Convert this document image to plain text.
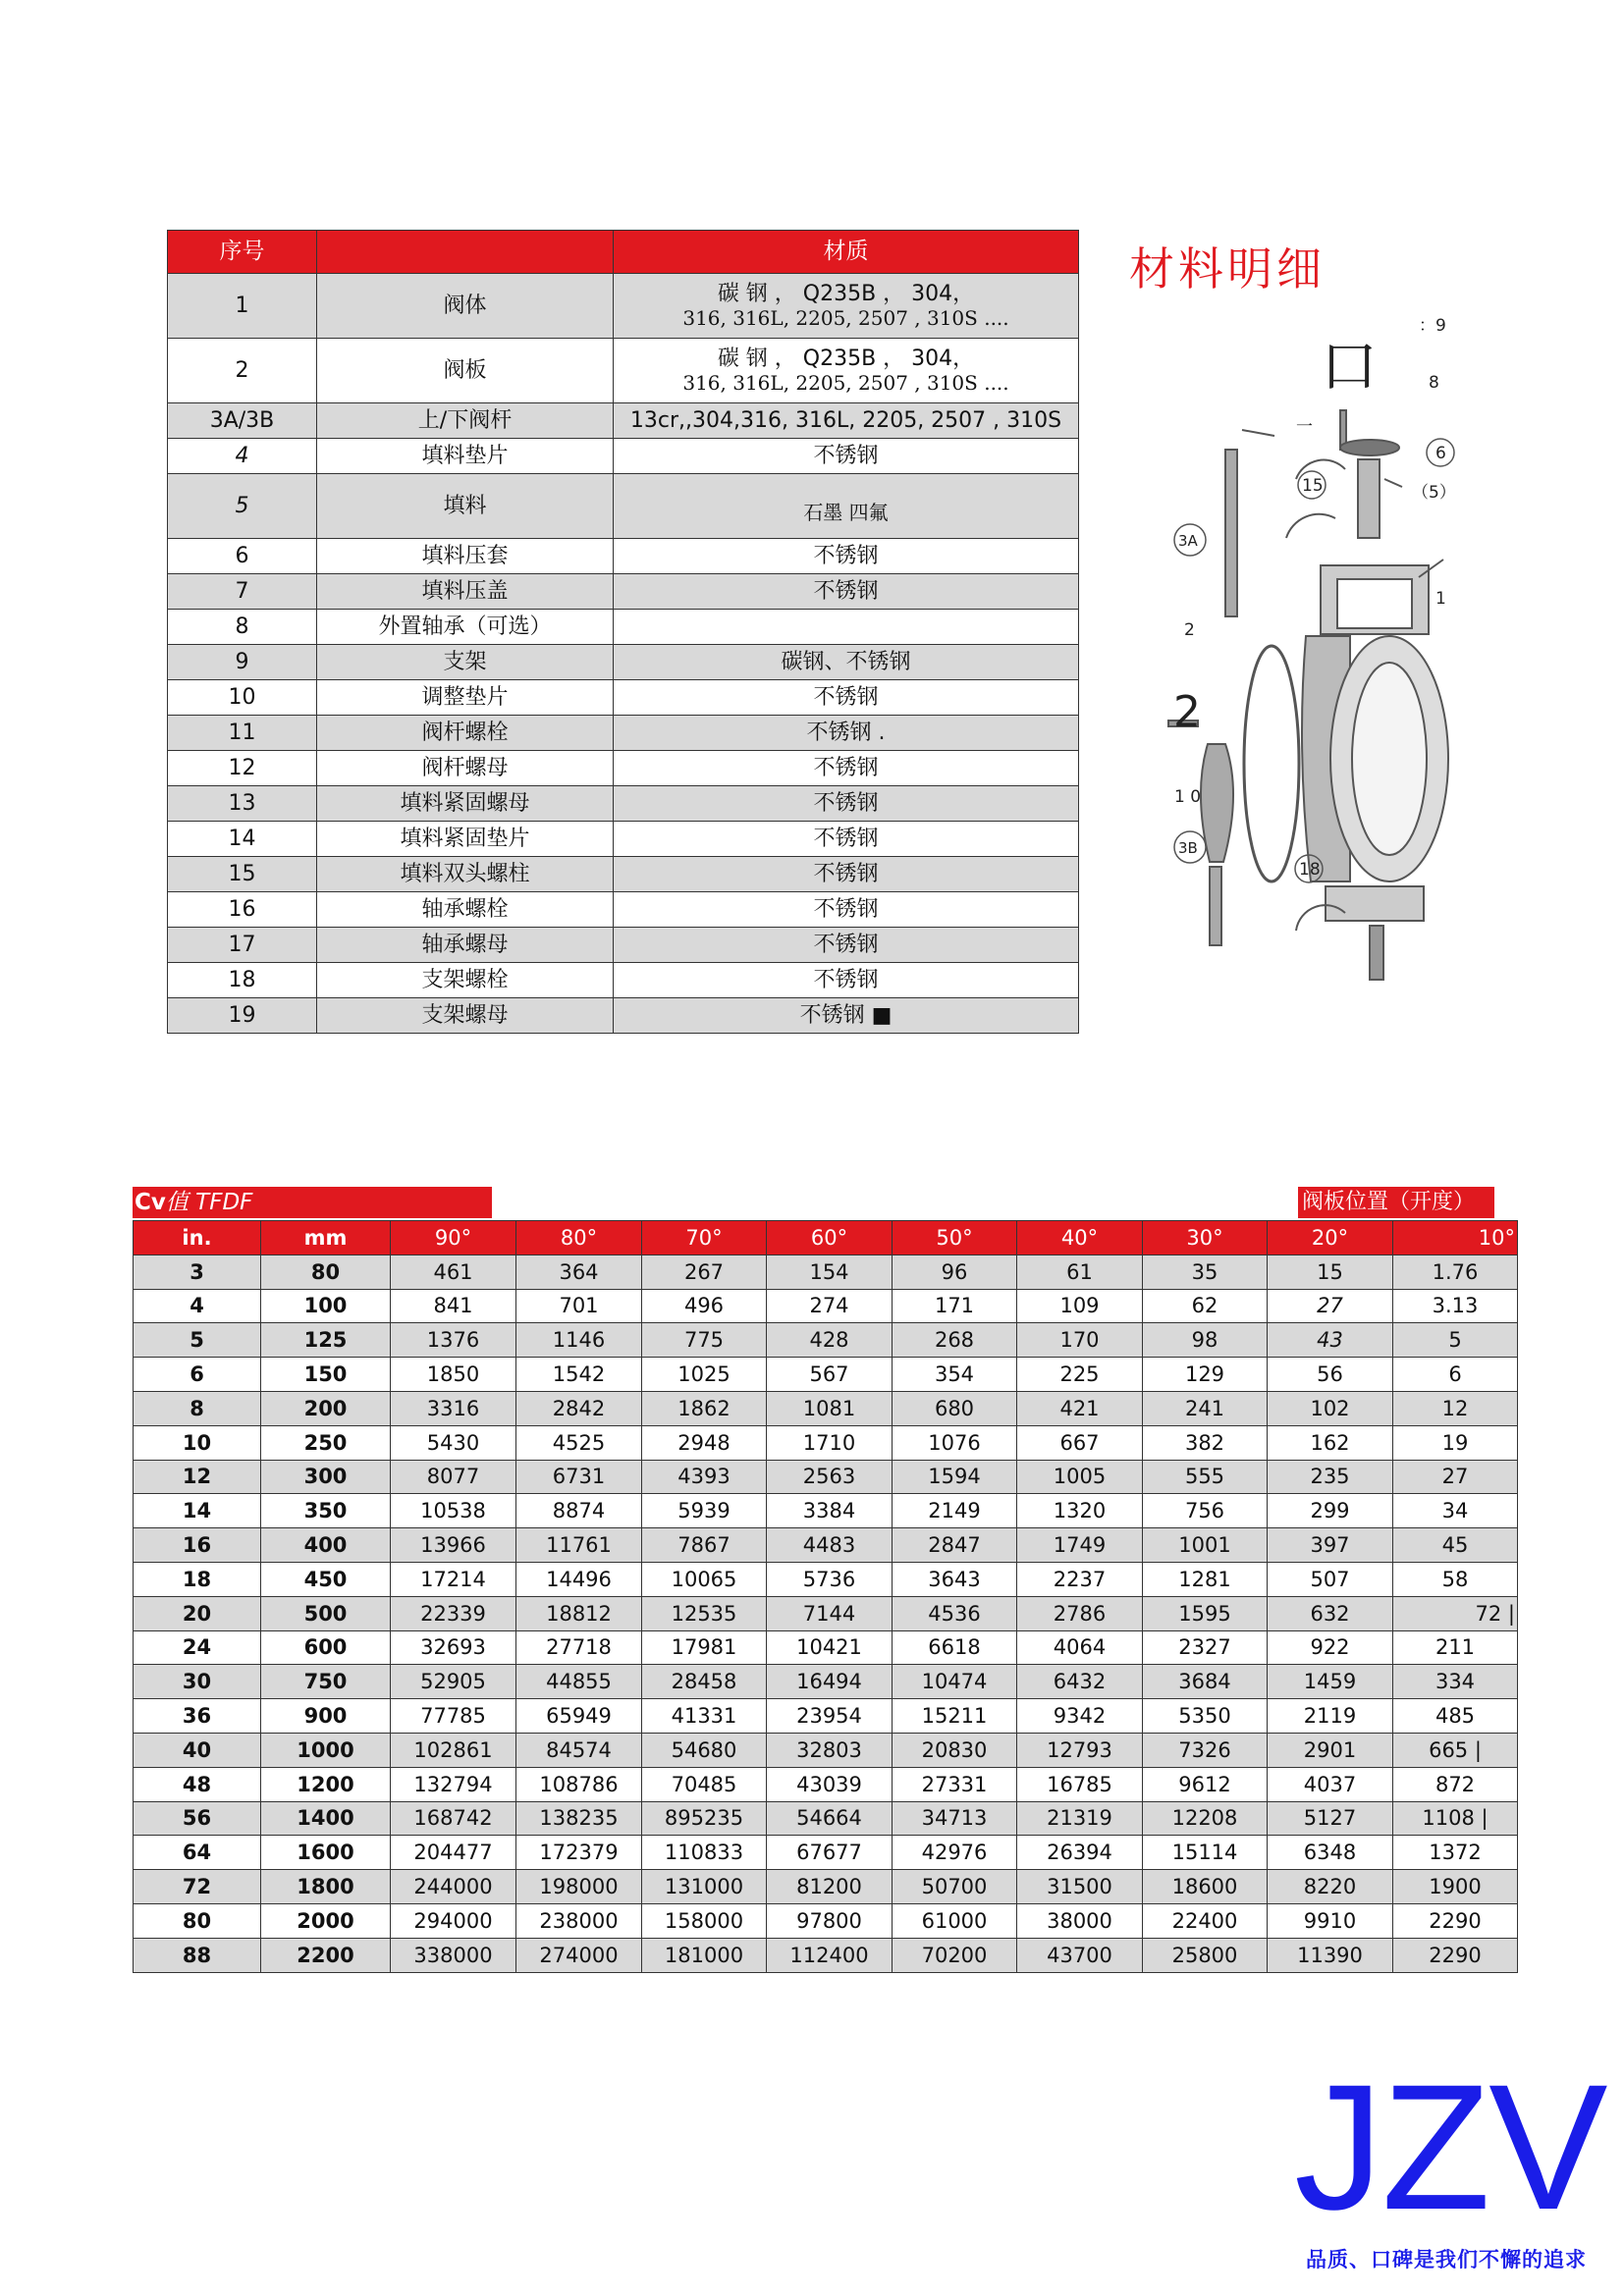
序号		材质
1	阀体	碳 钢 ， Q235B ， 304，
316, 316L, 2205, 2507 , 310S ....

2	阀板	碳 钢 ， Q235B ， 304，
316, 316L, 2205, 2507 , 310S ....

3A/3B	上/下阀杆	13cr,,304,316, 316L, 2205, 2507 , 310S

4	填料垫片	不锈钢

5	填料	石墨 四氟

6	填料压套	不锈钢

7	填料压盖	不锈钢

8	外置轴承（可选）	

9	支架	碳钢、不锈钢

10	调整垫片	不锈钢

11	阀杆螺栓	不锈钢 .

12	阀杆螺母	不锈钢

13	填料紧固螺母	不锈钢

14	填料紧固垫片	不锈钢

15	填料双头螺柱	不锈钢

16	轴承螺栓	不锈钢

17	轴承螺母	不锈钢

18	支架螺栓	不锈钢

19	支架螺母	不锈钢 ■
材料明细
：9
8
口
一
6
（5）
15
3A
1
2
2
1 0
3B
18
Cv值 TFDF	阀板位置（开度）
in.	mm	90°	80°	70°	60°	50°	40°	30°	20°	10°
3	80	461	364	267	154	96	61	35	15	1.76
4	100	841	701	496	274	171	109	62	27	3.13
5	125	1376	1146	775	428	268	170	98	43	5
6	150	1850	1542	1025	567	354	225	129	56	6
8	200	3316	2842	1862	1081	680	421	241	102	12
10	250	5430	4525	2948	1710	1076	667	382	162	19
12	300	8077	6731	4393	2563	1594	1005	555	235	27
14	350	10538	8874	5939	3384	2149	1320	756	299	34
16	400	13966	11761	7867	4483	2847	1749	1001	397	45
18	450	17214	14496	10065	5736	3643	2237	1281	507	58
20	500	22339	18812	12535	7144	4536	2786	1595	632	72 |
24	600	32693	27718	17981	10421	6618	4064	2327	922	211
30	750	52905	44855	28458	16494	10474	6432	3684	1459	334
36	900	77785	65949	41331	23954	15211	9342	5350	2119	485
40	1000	102861	84574	54680	32803	20830	12793	7326	2901	665 |
48	1200	132794	108786	70485	43039	27331	16785	9612	4037	872
56	1400	168742	138235	895235	54664	34713	21319	12208	5127	1108 |
64	1600	204477	172379	110833	67677	42976	26394	15114	6348	1372
72	1800	244000	198000	131000	81200	50700	31500	18600	8220	1900
80	2000	294000	238000	158000	97800	61000	38000	22400	9910	2290
88	2200	338000	274000	181000	112400	70200	43700	25800	11390	2290
JZV
品质、口碑是我们不懈的追求
